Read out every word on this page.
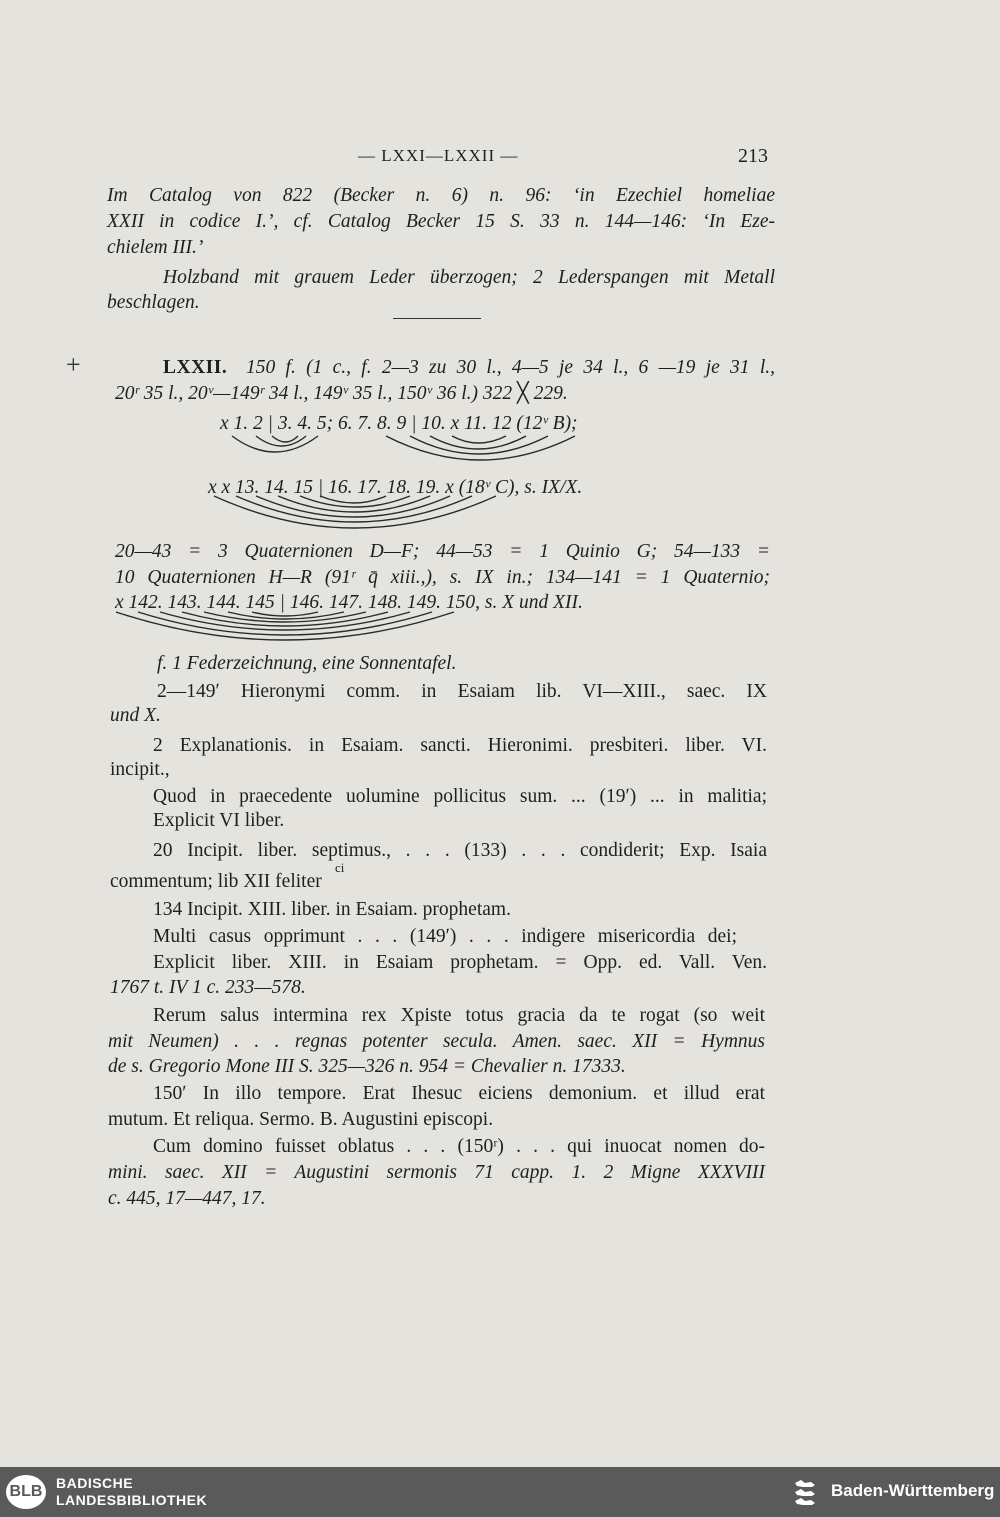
— LXXI—LXXII —	213
+
Im Catalog von 822 (Becker n. 6) n. 96: ‘in Ezechiel homeliae
XXII in codice I.’, cf. Catalog Becker 15 S. 33 n. 144—146: ‘In Eze-
chielem III.’
Holzband mit grauem Leder überzogen; 2 Lederspangen mit Metall
beschlagen.
LXXII. 150 f. (1 c., f. 2—3 zu 30 l., 4—5 je 34 l., 6 —19 je 31 l.,
20ʳ 35 l., 20ᵛ—149ʳ 34 l., 149ᵛ 35 l., 150ᵛ 36 l.) 322 ╳ 229.
x 1. 2 | 3. 4. 5; 6. 7. 8. 9 | 10. x 11. 12 (12ᵛ B);
x x 13. 14. 15 | 16. 17. 18. 19. x (18ᵛ C), s. IX/X.
20—43 = 3 Quaternionen D—F; 44—53 = 1 Quinio G; 54—133 =
10 Quaternionen H—R (91ʳ q̄ xiii.,), s. IX in.; 134—141 = 1 Quaternio;
x 142. 143. 144. 145 | 146. 147. 148. 149. 150, s. X und XII.
f. 1 Federzeichnung, eine Sonnentafel.
2—149ʹ Hieronymi comm. in Esaiam lib. VI—XIII., saec. IX
und X.
2 Explanationis. in Esaiam. sancti. Hieronimi. presbiteri. liber. VI.
incipit.,
Quod in praecedente uolumine pollicitus sum. ... (19ʹ) ... in malitia;
Explicit VI liber.
20 Incipit. liber. septimus., . . . (133) . . . condiderit; Exp. Isaia
ci
commentum; lib XII feliter
134 Incipit. XIII. liber. in Esaiam. prophetam.
Multi casus opprimunt . . . (149ʹ) . . . indigere misericordia dei;
Explicit liber. XIII. in Esaiam prophetam. = Opp. ed. Vall. Ven.
1767 t. IV 1 c. 233—578.
Rerum salus intermina rex Xpiste totus gracia da te rogat (so weit
mit Neumen) . . . regnas potenter secula. Amen. saec. XII = Hymnus
de s. Gregorio Mone III S. 325—326 n. 954 = Chevalier n. 17333.
150ʹ In illo tempore. Erat Ihesuc eiciens demonium. et illud erat
mutum. Et reliqua. Sermo. B. Augustini episcopi.
Cum domino fuisset oblatus . . . (150ʳ) . . . qui inuocat nomen do-
mini. saec. XII = Augustini sermonis 71 capp. 1. 2 Migne XXXVIII
c. 445, 17—447, 17.
BLB BADISCHE
LANDESBIBLIOTHEK	Baden-Württemberg
